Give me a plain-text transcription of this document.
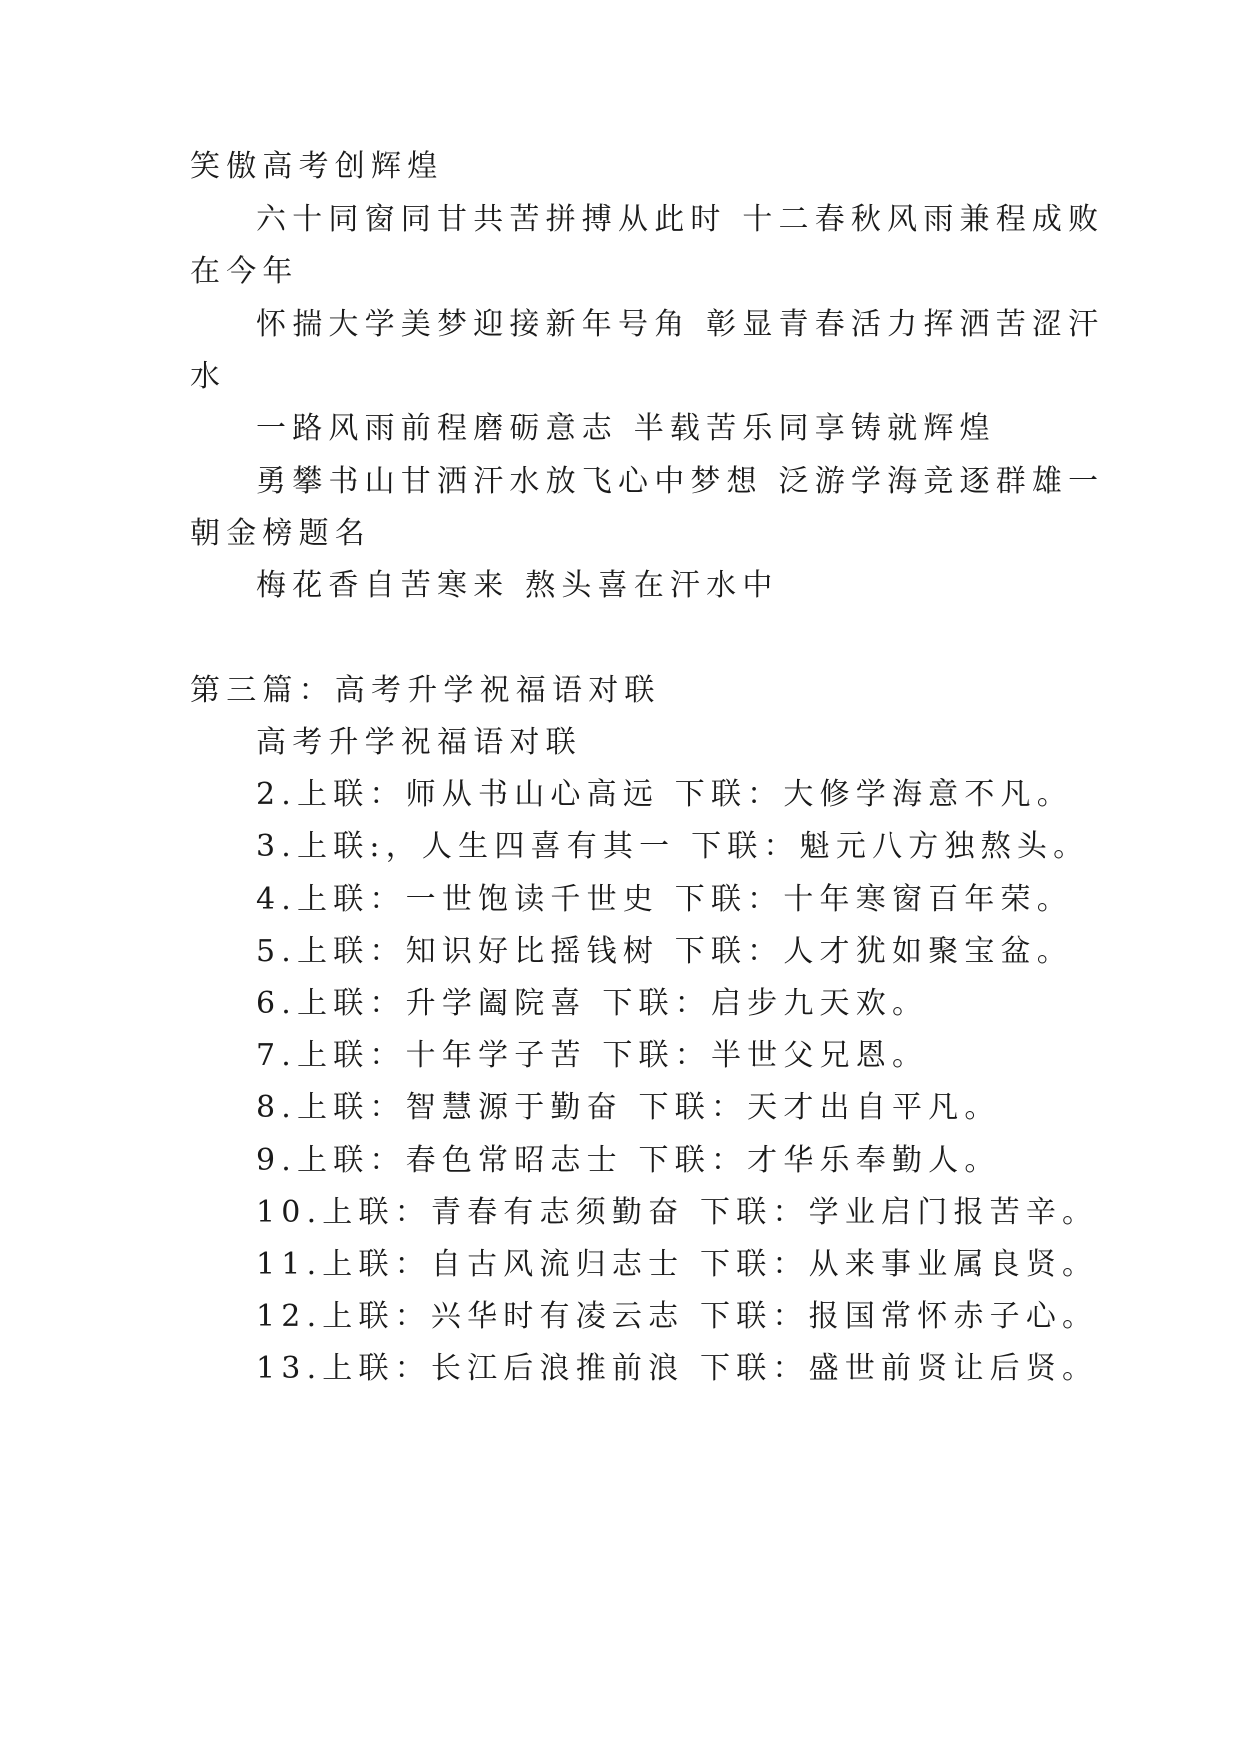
笑傲高考创辉煌
六十同窗同甘共苦拼搏从此时 十二春秋风雨兼程成败
在今年
怀揣大学美梦迎接新年号角 彰显青春活力挥洒苦涩汗
水
一路风雨前程磨砺意志 半载苦乐同享铸就辉煌
勇攀书山甘洒汗水放飞心中梦想 泛游学海竞逐群雄一
朝金榜题名
梅花香自苦寒来 熬头喜在汗水中
第三篇：高考升学祝福语对联
高考升学祝福语对联
2.上联：师从书山心高远 下联：大修学海意不凡。
3.上联:，人生四喜有其一 下联：魁元八方独熬头。
4.上联：一世饱读千世史 下联：十年寒窗百年荣。
5.上联：知识好比摇钱树 下联：人才犹如聚宝盆。
6.上联：升学阖院喜 下联：启步九天欢。
7.上联：十年学子苦 下联：半世父兄恩。
8.上联：智慧源于勤奋 下联：天才出自平凡。
9.上联：春色常昭志士 下联：才华乐奉勤人。
10.上联：青春有志须勤奋 下联：学业启门报苦辛。
11.上联：自古风流归志士 下联：从来事业属良贤。
12.上联：兴华时有凌云志 下联：报国常怀赤子心。
13.上联：长江后浪推前浪 下联：盛世前贤让后贤。
